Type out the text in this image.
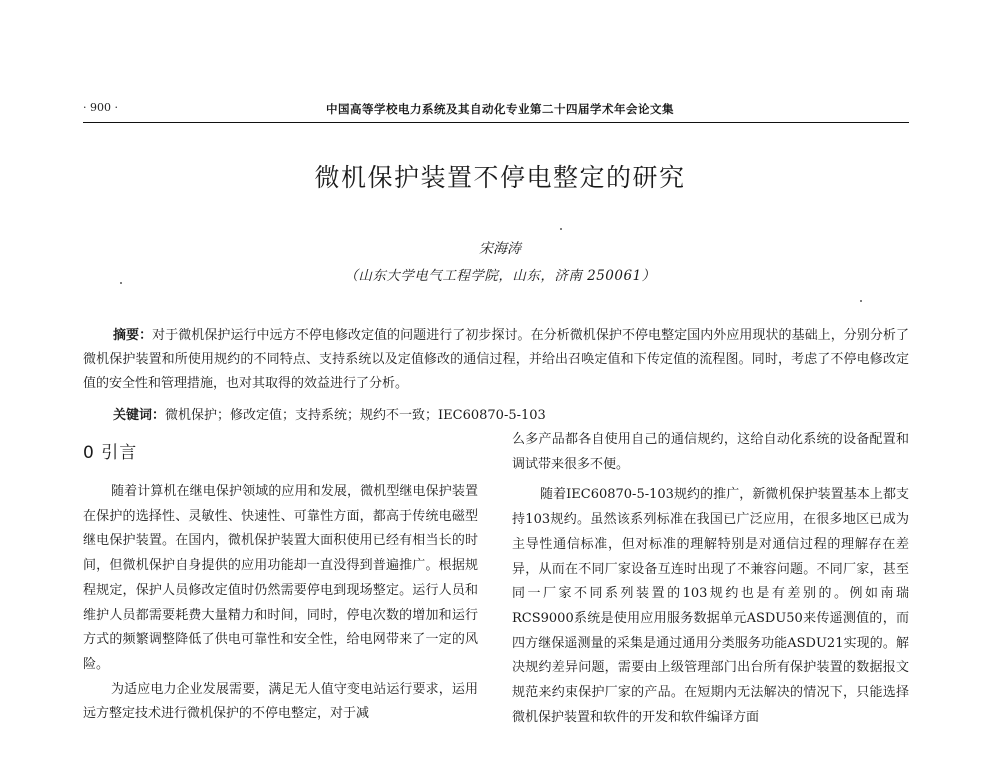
· 900 ·	中国高等学校电力系统及其自动化专业第二十四届学术年会论文集
微机保护装置不停电整定的研究
宋海涛
（山东大学电气工程学院，山东，济南 250061）
摘要：对于微机保护运行中远方不停电修改定值的问题进行了初步探讨。在分析微机保护不停电整定国内外应用现状的基础上，分别分析了微机保护装置和所使用规约的不同特点、支持系统以及定值修改的通信过程，并给出召唤定值和下传定值的流程图。同时，考虑了不停电修改定值的安全性和管理措施，也对其取得的效益进行了分析。
关键词：微机保护；修改定值；支持系统；规约不一致；IEC60870-5-103
0 引言

随着计算机在继电保护领域的应用和发展，微机型继电保护装置在保护的选择性、灵敏性、快速性、可靠性方面，都高于传统电磁型继电保护装置。在国内，微机保护装置大面积使用已经有相当长的时间，但微机保护自身提供的应用功能却一直没得到普遍推广。根据规程规定，保护人员修改定值时仍然需要停电到现场整定。运行人员和维护人员都需要耗费大量精力和时间，同时，停电次数的增加和运行方式的频繁调整降低了供电可靠性和安全性，给电网带来了一定的风险。

为适应电力企业发展需要，满足无人值守变电站运行要求，运用远方整定技术进行微机保护的不停电整定，对于减

么多产品都各自使用自己的通信规约，这给自动化系统的设备配置和调试带来很多不便。

随着IEC60870-5-103规约的推广，新微机保护装置基本上都支持103规约。虽然该系列标准在我国已广泛应用，在很多地区已成为主导性通信标准，但对标准的理解特别是对通信过程的理解存在差异，从而在不同厂家设备互连时出现了不兼容问题。不同厂家，甚至同一厂家不同系列装置的103规约也是有差别的。例如南瑞RCS9000系统是使用应用服务数据单元ASDU50来传遥测值的，而四方继保遥测量的采集是通过通用分类服务功能ASDU21实现的。解决规约差异问题，需要由上级管理部门出台所有保护装置的数据报文规范来约束保护厂家的产品。在短期内无法解决的情况下，只能选择微机保护装置和软件的开发和软件编译方面
